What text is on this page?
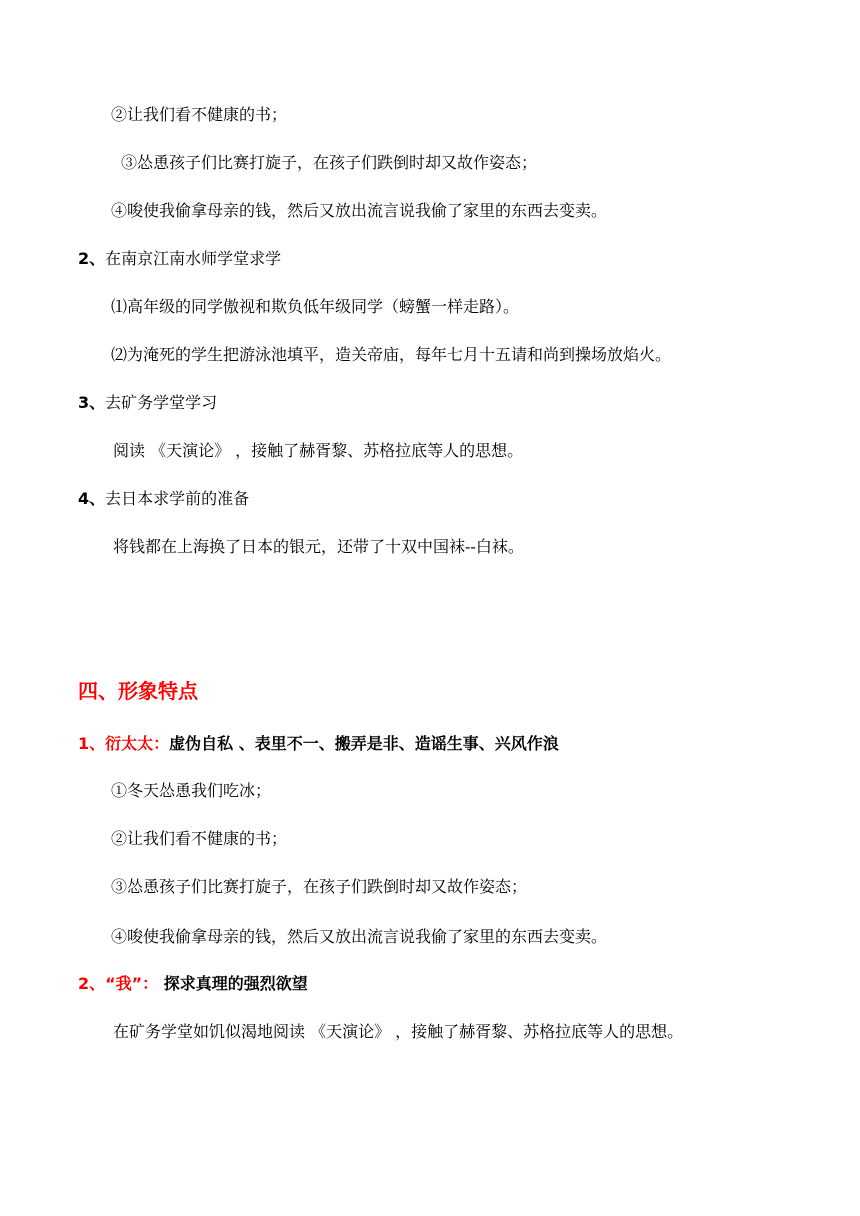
②让我们看不健康的书；
③怂恿孩子们比赛打旋子，在孩子们跌倒时却又故作姿态；
④唆使我偷拿母亲的钱，然后又放出流言说我偷了家里的东西去变卖。
2、在南京江南水师学堂求学
⑴高年级的同学傲视和欺负低年级同学（螃蟹一样走路）。
⑵为淹死的学生把游泳池填平，造关帝庙，每年七月十五请和尚到操场放焰火。
3、去矿务学堂学习
阅读 《天演论》 ，接触了赫胥黎、苏格拉底等人的思想。
4、去日本求学前的准备
将钱都在上海换了日本的银元，还带了十双中国袜--白袜。
四、形象特点
1、衍太太：虚伪自私 、表里不一、搬弄是非、造谣生事、兴风作浪
①冬天怂恿我们吃冰；
②让我们看不健康的书；
③怂恿孩子们比赛打旋子，在孩子们跌倒时却又故作姿态；
④唆使我偷拿母亲的钱，然后又放出流言说我偷了家里的东西去变卖。
2、“我”： 探求真理的强烈欲望
在矿务学堂如饥似渴地阅读 《天演论》 ，接触了赫胥黎、苏格拉底等人的思想。
